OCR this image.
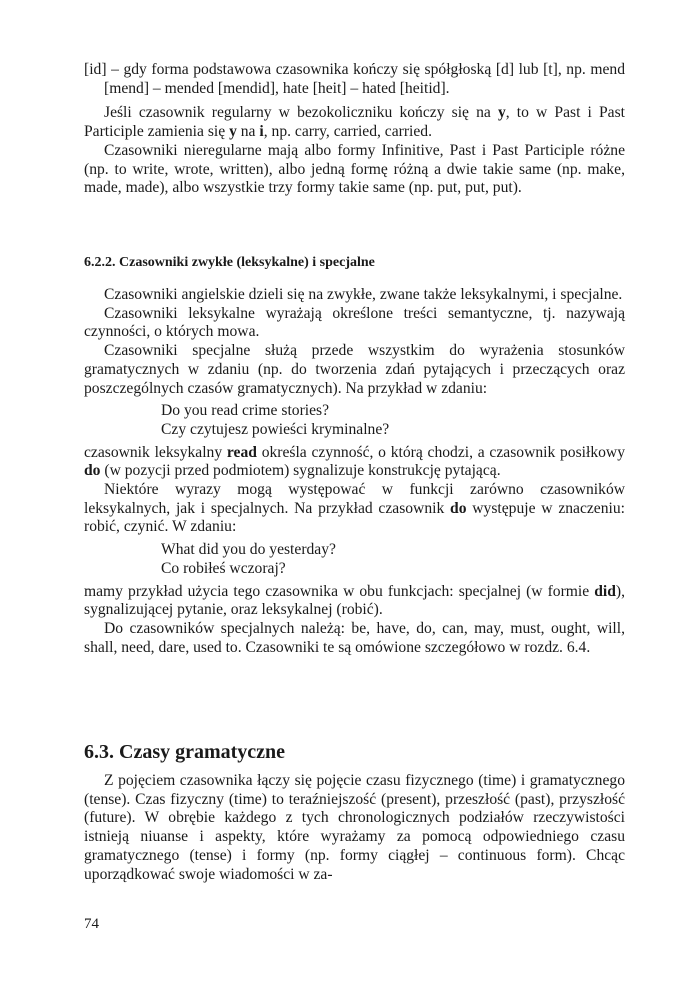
[id] – gdy forma podstawowa czasownika kończy się spółgłoską [d] lub [t], np. mend [mend] – mended [mendid], hate [heit] – hated [heitid].

Jeśli czasownik regularny w bezokoliczniku kończy się na y, to w Past i Past Participle zamienia się y na i, np. carry, carried, carried.

Czasowniki nieregularne mają albo formy Infinitive, Past i Past Participle różne (np. to write, wrote, written), albo jedną formę różną a dwie takie same (np. make, made, made), albo wszystkie trzy formy takie same (np. put, put, put).

6.2.2. Czasowniki zwykłe (leksykalne) i specjalne

Czasowniki angielskie dzieli się na zwykłe, zwane także leksykalnymi, i specjalne.

Czasowniki leksykalne wyrażają określone treści semantyczne, tj. nazywają czynności, o których mowa.

Czasowniki specjalne służą przede wszystkim do wyrażenia stosunków gramatycznych w zdaniu (np. do tworzenia zdań pytających i przeczących oraz poszczególnych czasów gramatycznych). Na przykład w zdaniu:

Do you read crime stories?

Czy czytujesz powieści kryminalne?

czasownik leksykalny read określa czynność, o którą chodzi, a czasownik posiłkowy do (w pozycji przed podmiotem) sygnalizuje konstrukcję pytającą.

Niektóre wyrazy mogą występować w funkcji zarówno czasowników leksykalnych, jak i specjalnych. Na przykład czasownik do występuje w znaczeniu: robić, czynić. W zdaniu:

What did you do yesterday?

Co robiłeś wczoraj?

mamy przykład użycia tego czasownika w obu funkcjach: specjalnej (w formie did), sygnalizującej pytanie, oraz leksykalnej (robić).

Do czasowników specjalnych należą: be, have, do, can, may, must, ought, will, shall, need, dare, used to. Czasowniki te są omówione szczegółowo w rozdz. 6.4.

6.3. Czasy gramatyczne

Z pojęciem czasownika łączy się pojęcie czasu fizycznego (time) i gramatycznego (tense). Czas fizyczny (time) to teraźniejszość (present), przeszłość (past), przyszłość (future). W obrębie każdego z tych chronologicznych podziałów rzeczywistości istnieją niuanse i aspekty, które wyrażamy za pomocą odpowiedniego czasu gramatycznego (tense) i formy (np. formy ciągłej – continuous form). Chcąc uporządkować swoje wiadomości w za-

74
